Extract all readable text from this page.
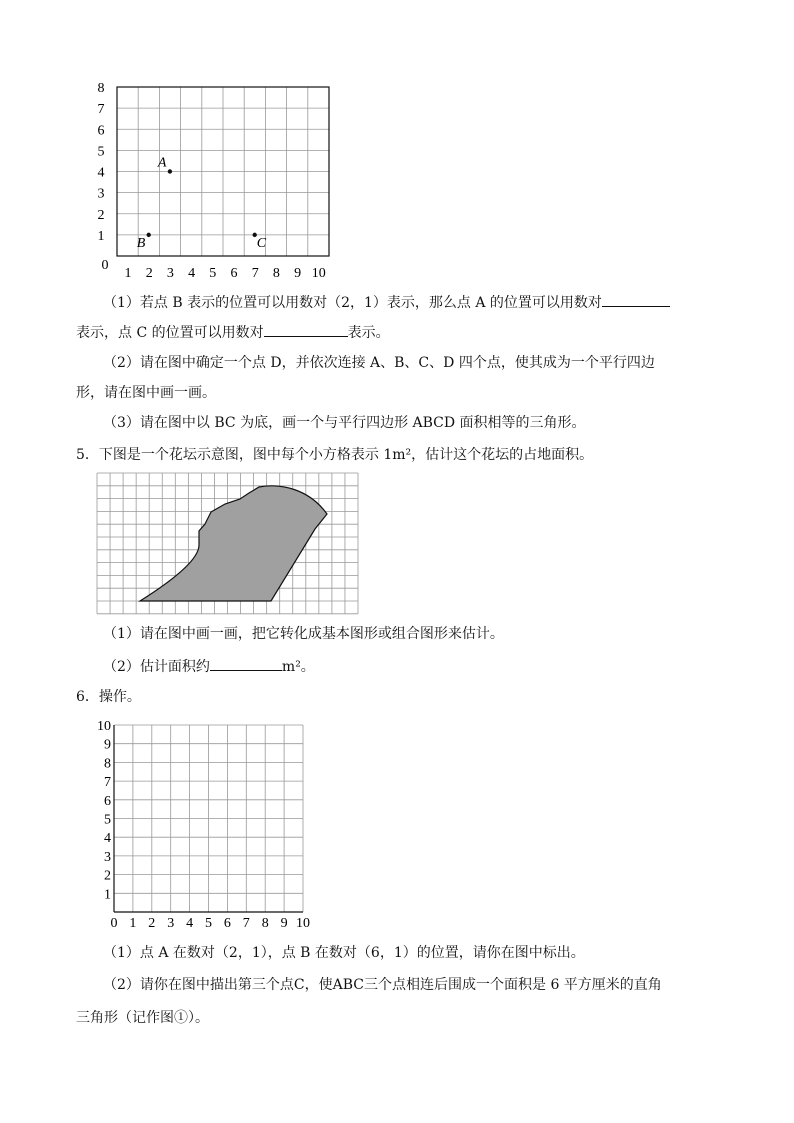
8
7
6
5
4
3
2
1
0
1 2 3 4 5 6 7 8 9 10
A
B	C
（1）若点 B 表示的位置可以用数对（2，1）表示，那么点 A 的位置可以用数对
表示，点 C 的位置可以用数对	表示。
（2）请在图中确定一个点 D，并依次连接 A、B、C、D 四个点，使其成为一个平行四边
形，请在图中画一画。
（3）请在图中以 BC 为底，画一个与平行四边形 ABCD 面积相等的三角形。
5．下图是一个花坛示意图，图中每个小方格表示 1m²，估计这个花坛的占地面积。
（1）请在图中画一画，把它转化成基本图形或组合图形来估计。
（2）估计面积约	m²。
6．操作。
10
9
8
7
6
5
4
3
2
1
0 1 2 3 4 5 6 7 8 9 10
（1）点 A 在数对（2，1），点 B 在数对（6，1）的位置，请你在图中标出。
（2）请你在图中描出第三个点C，使ABC三个点相连后围成一个面积是 6 平方厘米的直角
三角形（记作图①）。
